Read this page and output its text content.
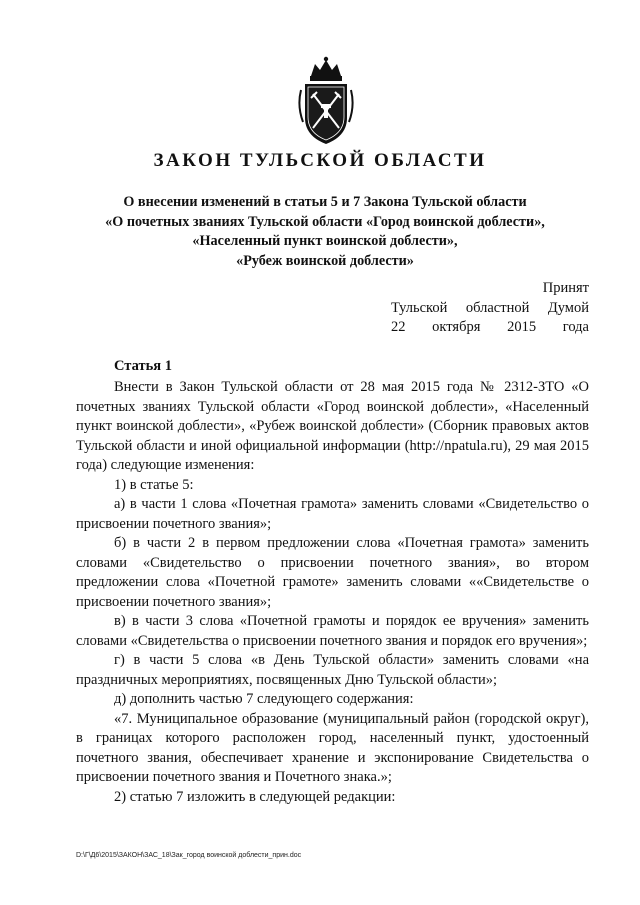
ЗАКОН ТУЛЬСКОЙ ОБЛАСТИ
О внесении изменений в статьи 5 и 7 Закона Тульской области
«О почетных званиях Тульской области «Город воинской доблести»,
«Населенный пункт воинской доблести»,
«Рубеж воинской доблести»
Принят
Тульской областной Думой
22 октября 2015 года
Статья 1
Внести в Закон Тульской области от 28 мая 2015 года № 2312-ЗТО «О почетных званиях Тульской области «Город воинской доблести», «Населенный пункт воинской доблести», «Рубеж воинской доблести» (Сборник правовых актов Тульской области и иной официальной информации (http://npatula.ru), 29 мая 2015 года) следующие изменения:
1) в статье 5:
а) в части 1 слова «Почетная грамота» заменить словами «Свидетельство о присвоении почетного звания»;
б) в части 2 в первом предложении слова «Почетная грамота» заменить словами «Свидетельство о присвоении почетного звания», во втором предложении слова «Почетной грамоте» заменить словами ««Свидетельстве о присвоении почетного звания»;
в) в части 3 слова «Почетной грамоты и порядок ее вручения» заменить словами «Свидетельства о присвоении почетного звания и порядок его вручения»;
г) в части 5 слова «в День Тульской области» заменить словами «на праздничных мероприятиях, посвященных Дню Тульской области»;
д) дополнить частью 7 следующего содержания:
«7. Муниципальное образование (муниципальный район (городской округ), в границах которого расположен город, населенный пункт, удостоенный почетного звания, обеспечивает хранение и экспонирование Свидетельства о присвоении почетного звания и Почетного знака.»;
2) статью 7 изложить в следующей редакции:
D:\Г\Д6\2015\ЗАКОН\ЗАС_18\Зак_город воинской доблести_прин.doc
